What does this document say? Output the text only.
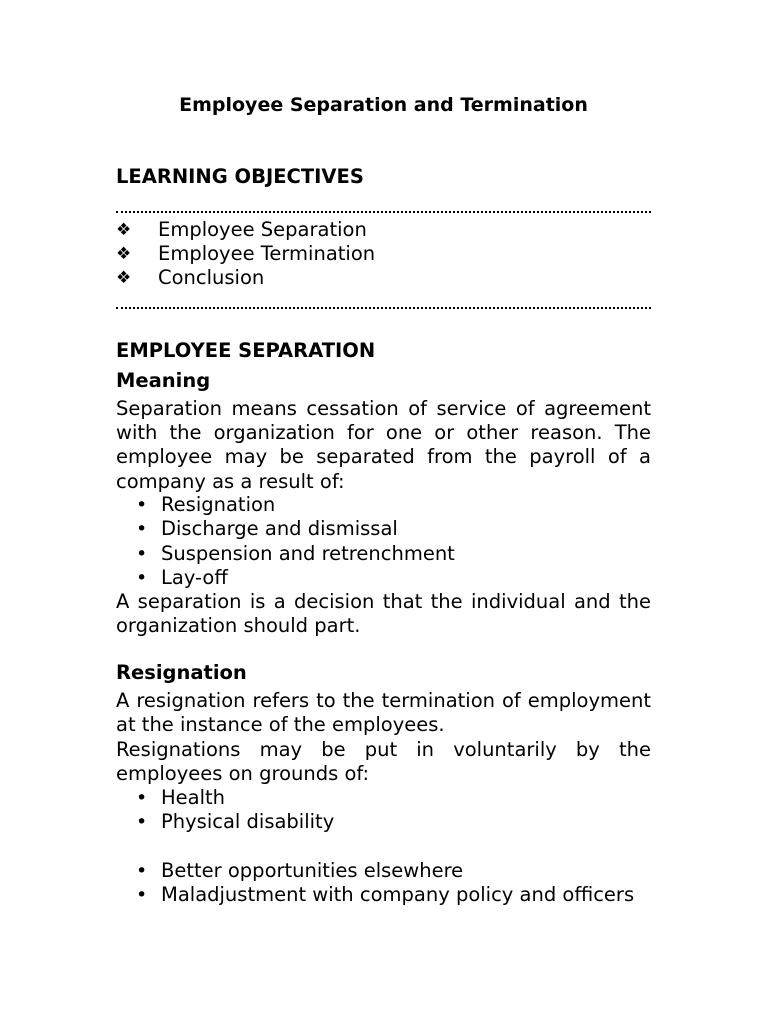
Employee Separation and Termination
LEARNING OBJECTIVES
❖	Employee Separation
❖	Employee Termination
❖	Conclusion
EMPLOYEE SEPARATION
Meaning

Separation means cessation of service of agreement with the organization for one or other reason. The employee may be separated from the payroll of a company as a result of:

• Resignation
• Discharge and dismissal
• Suspension and retrenchment
• Lay-off

A separation is a decision that the individual and the organization should part.

Resignation

A resignation refers to the termination of employment at the instance of the employees.

Resignations may be put in voluntarily by the employees on grounds of:

• Health
• Physical disability
• Better opportunities elsewhere
• Maladjustment with company policy and officers
